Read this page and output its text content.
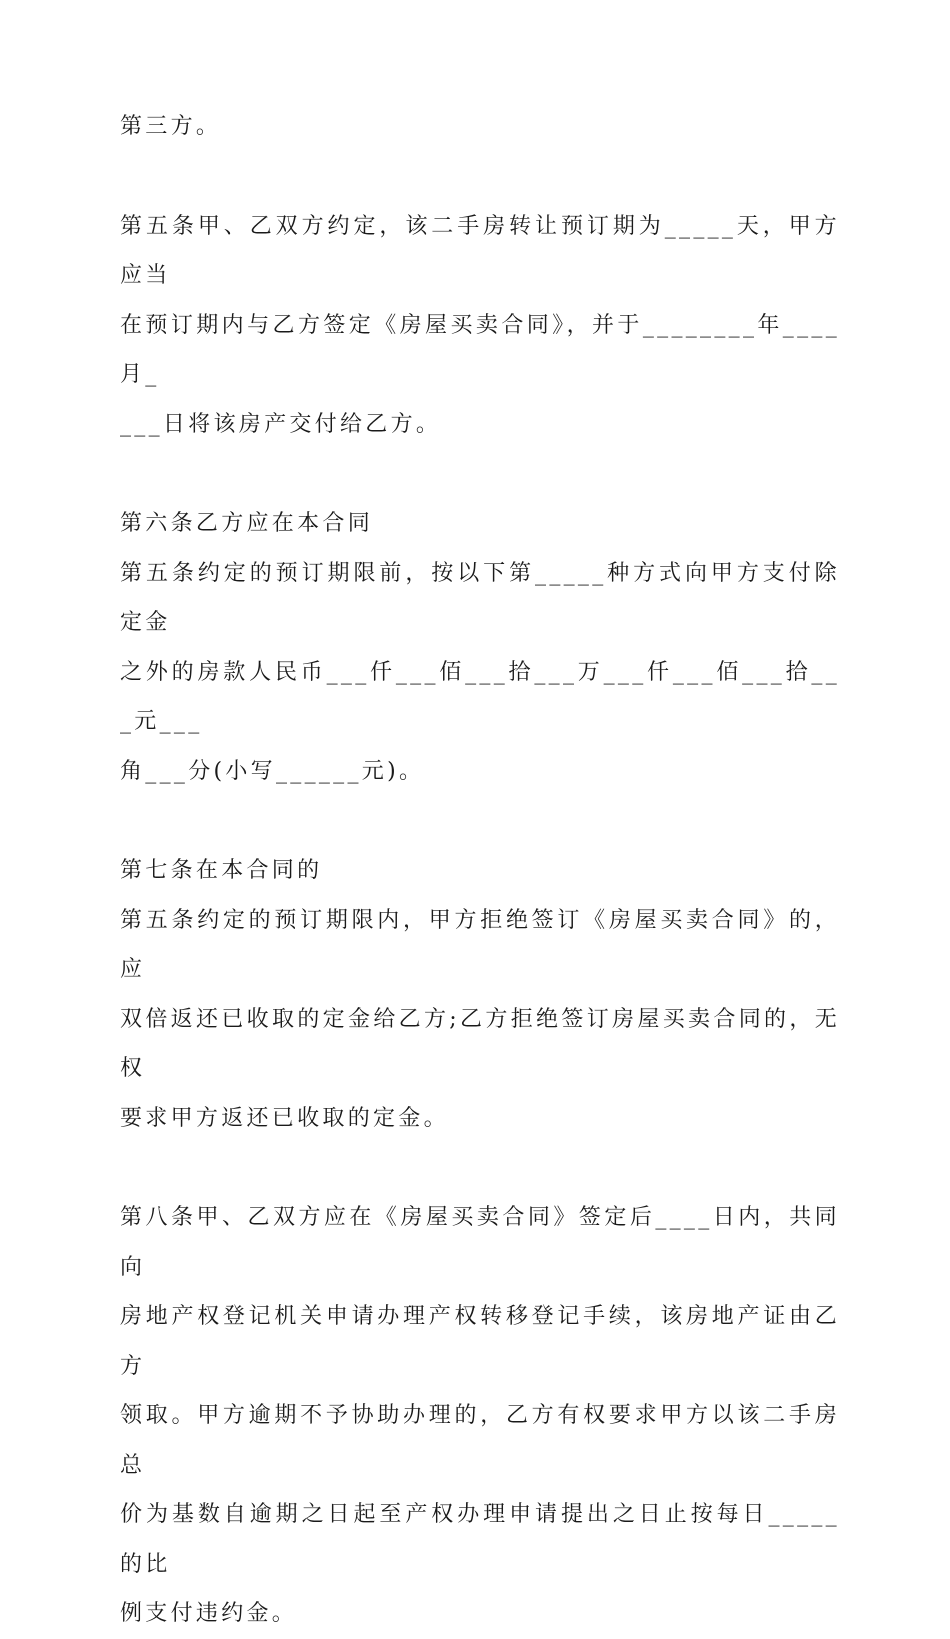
第三方。

第五条甲、乙双方约定，该二手房转让预订期为_____天，甲方应当
在预订期内与乙方签定《房屋买卖合同》，并于________年____月_
___日将该房产交付给乙方。

第六条乙方应在本合同
第五条约定的预订期限前，按以下第_____种方式向甲方支付除定金
之外的房款人民币___仟___佰___拾___万___仟___佰___拾___元___
角___分(小写______元)。

第七条在本合同的
第五条约定的预订期限内，甲方拒绝签订《房屋买卖合同》的，应
双倍返还已收取的定金给乙方;乙方拒绝签订房屋买卖合同的，无权
要求甲方返还已收取的定金。

第八条甲、乙双方应在《房屋买卖合同》签定后____日内，共同向
房地产权登记机关申请办理产权转移登记手续，该房地产证由乙方
领取。甲方逾期不予协助办理的，乙方有权要求甲方以该二手房总
价为基数自逾期之日起至产权办理申请提出之日止按每日_____的比
例支付违约金。
